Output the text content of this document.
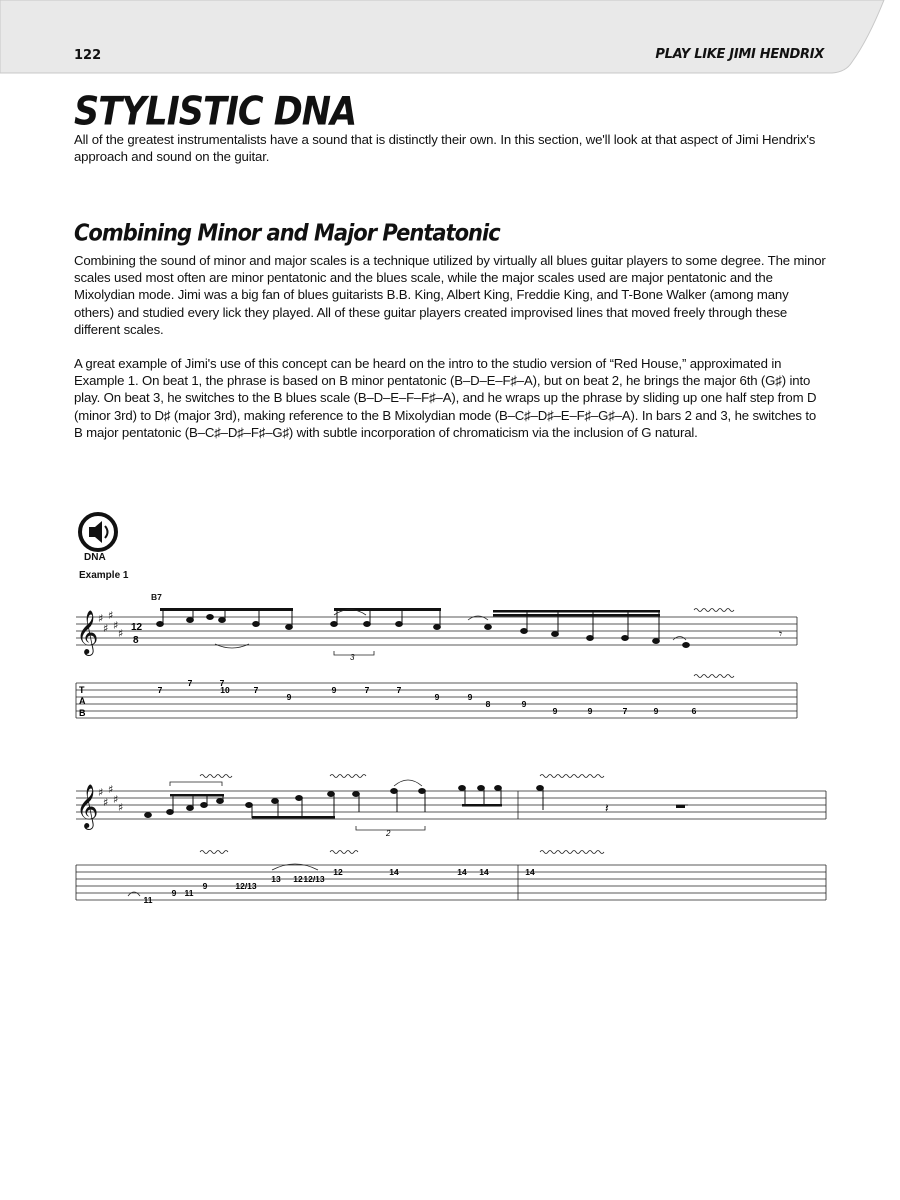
122	PLAY LIKE JIMI HENDRIX
STYLISTIC DNA

All of the greatest instrumentalists have a sound that is distinctly their own. In this section, we'll look at that aspect of Jimi Hendrix's approach and sound on the guitar.

Combining Minor and Major Pentatonic

Combining the sound of minor and major scales is a technique utilized by virtually all blues guitar players to some degree. The minor scales used most often are minor pentatonic and the blues scale, while the major scales used are major pentatonic and the Mixolydian mode. Jimi was a big fan of blues guitarists B.B. King, Albert King, Freddie King, and T-Bone Walker (among many others) and studied every lick they played. All of these guitar players created improvised lines that moved freely through these different scales.

A great example of Jimi's use of this concept can be heard on the intro to the studio version of “Red House,” approximated in Example 1. On beat 1, the phrase is based on B minor pentatonic (B–D–E–F♯–A), but on beat 2, he brings the major 6th (G♯) into play. On beat 3, he switches to the B blues scale (B–D–E–F–F♯–A), and he wraps up the phrase by sliding up one half step from D (minor 3rd) to D♯ (major 3rd), making reference to the B Mixolydian mode (B–C♯–D♯–E–F♯–G♯–A). In bars 2 and 3, he switches to B major pentatonic (B–C♯–D♯–F♯–G♯) with subtle incorporation of chromaticism via the inclusion of G natural.

DNA
Example 1
B7
𝄞
𝄞
♯
♯
♯
♯
♯
♯
♯
♯
♯
♯
12
8
T
A
B
3
𝄾
2
𝄽
7
7	7
10	7
9
9	7	7
9	9
8	9
9	9	7	9	6
11
9 11
9	12/13
13 12 12/13
12	14	14 14	14
